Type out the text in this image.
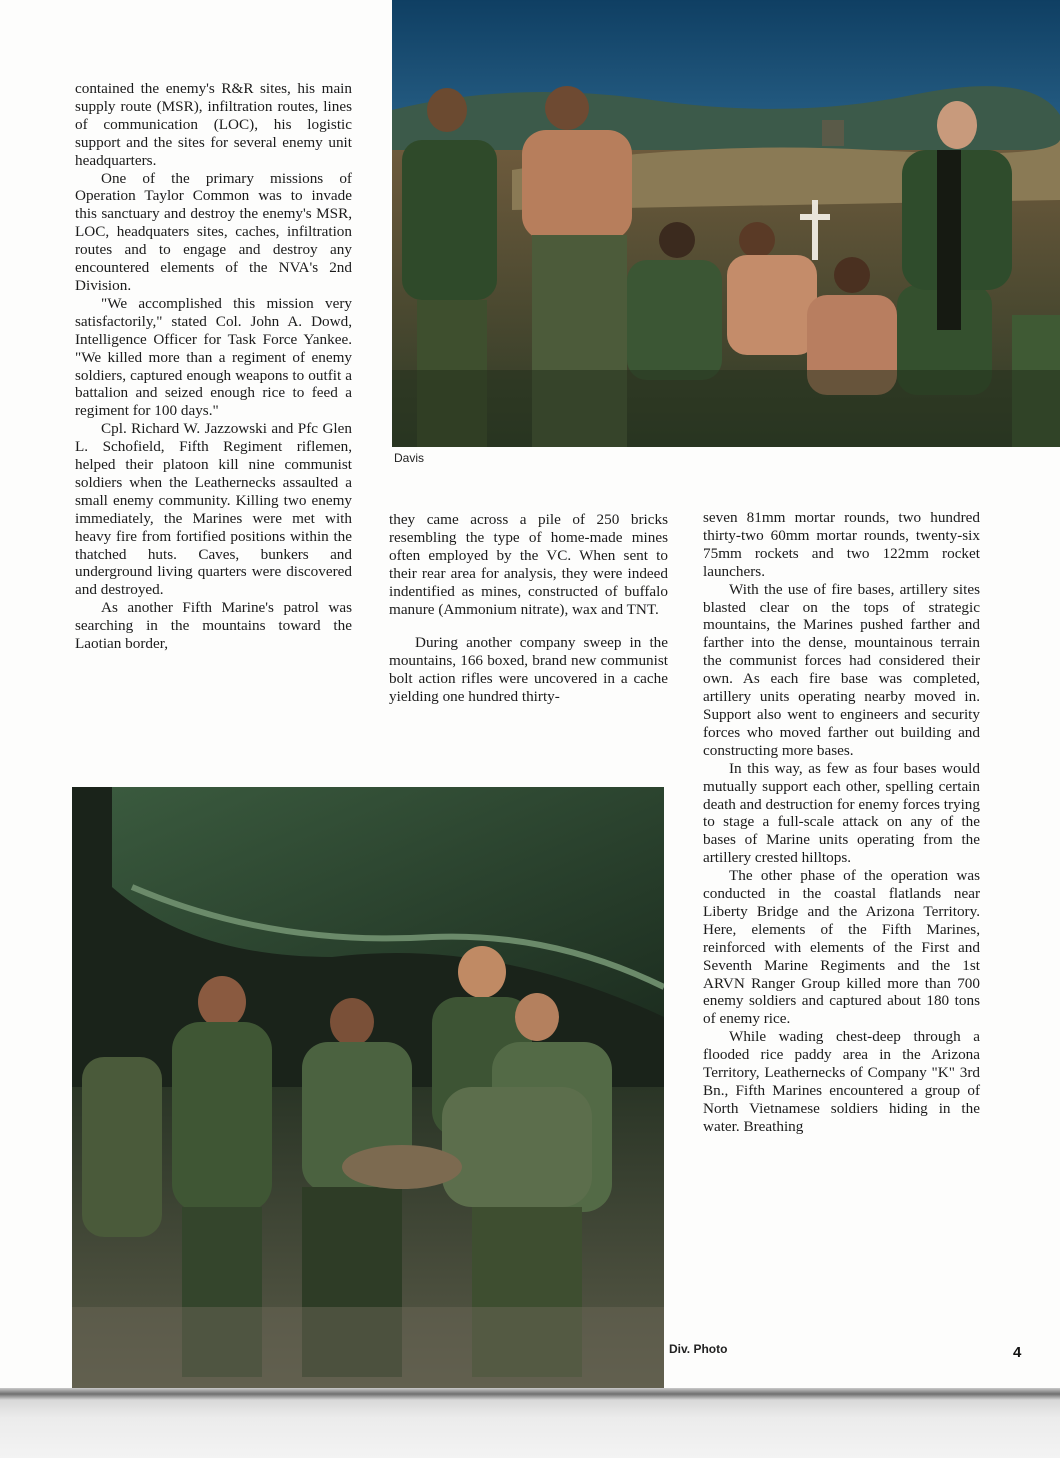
contained the enemy's R&R sites, his main supply route (MSR), infiltration routes, lines of communication (LOC), his logistic support and the sites for several enemy unit headquarters.

One of the primary missions of Operation Taylor Common was to invade this sanctuary and destroy the enemy's MSR, LOC, headquaters sites, caches, infiltration routes and to engage and destroy any encountered elements of the NVA's 2nd Division.

"We accomplished this mission very satisfactorily," stated Col. John A. Dowd, Intelligence Officer for Task Force Yankee. "We killed more than a regiment of enemy soldiers, captured enough weapons to outfit a battalion and seized enough rice to feed a regiment for 100 days."

Cpl. Richard W. Jazzowski and Pfc Glen L. Schofield, Fifth Regiment riflemen, helped their platoon kill nine communist soldiers when the Leathernecks assaulted a small enemy community. Killing two enemy immediately, the Marines were met with heavy fire from fortified positions within the thatched huts. Caves, bunkers and underground living quarters were discovered and destroyed.

As another Fifth Marine's patrol was searching in the mountains toward the Laotian border,

Davis

they came across a pile of 250 bricks resembling the type of home-made mines often employed by the VC. When sent to their rear area for analysis, they were indeed indentified as mines, constructed of buffalo manure (Ammonium nitrate), wax and TNT.

During another company sweep in the mountains, 166 boxed, brand new communist bolt action rifles were uncovered in a cache yielding one hundred thirty-

seven 81mm mortar rounds, two hundred thirty-two 60mm mortar rounds, twenty-six 75mm rockets and two 122mm rocket launchers.

With the use of fire bases, artillery sites blasted clear on the tops of strategic mountains, the Marines pushed farther and farther into the dense, mountainous terrain the communist forces had considered their own. As each fire base was completed, artillery units operating nearby moved in. Support also went to engineers and security forces who moved farther out building and constructing more bases.

In this way, as few as four bases would mutually support each other, spelling certain death and destruction for enemy forces trying to stage a full-scale attack on any of the bases of Marine units operating from the artillery crested hilltops.

The other phase of the operation was conducted in the coastal flatlands near Liberty Bridge and the Arizona Territory. Here, elements of the Fifth Marines, reinforced with elements of the First and Seventh Marine Regiments and the 1st ARVN Ranger Group killed more than 700 enemy soldiers and captured about 180 tons of enemy rice.

While wading chest-deep through a flooded rice paddy area in the Arizona Territory, Leathernecks of Company "K" 3rd Bn., Fifth Marines encountered a group of North Vietnamese soldiers hiding in the water. Breathing

Div. Photo	4
